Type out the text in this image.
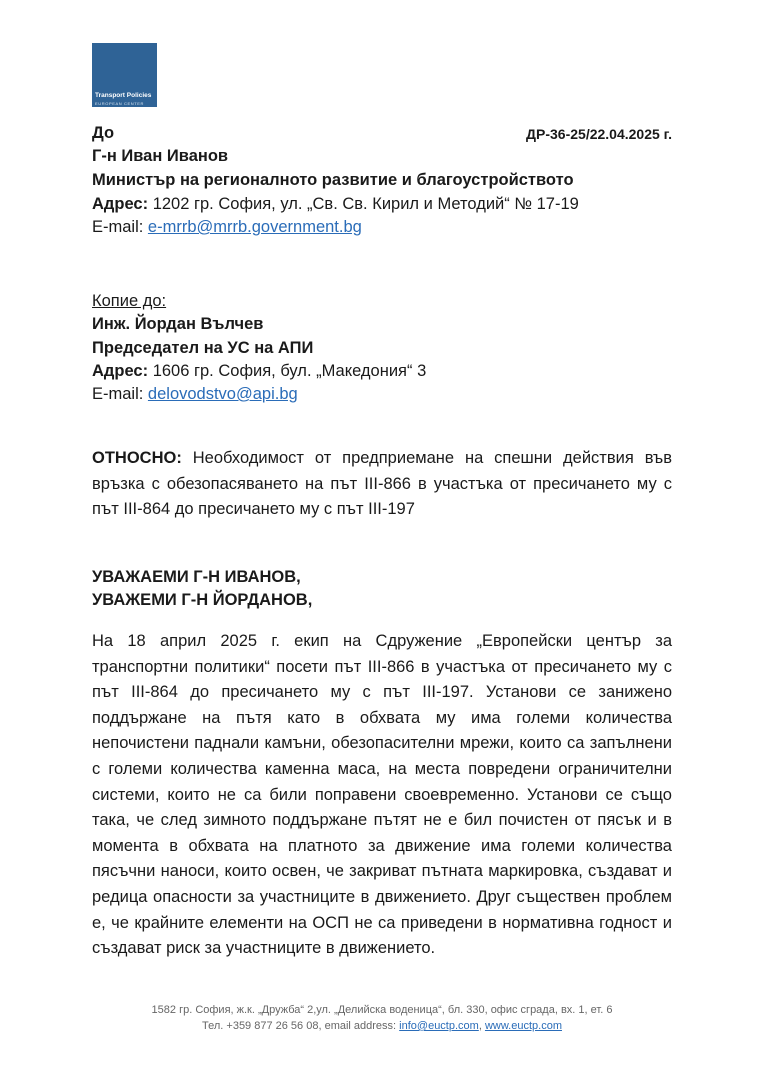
Transport Policies
EUROPEAN CENTER
До	ДР-36-25/22.04.2025 г.
Г-н Иван Иванов
Министър на регионалното развитие и благоустройството
Адрес: 1202 гр. София, ул. „Св. Св. Кирил и Методий“ № 17-19
E-mail: e-mrrb@mrrb.government.bg
Копие до:
Инж. Йордан Вълчев
Председател на УС на АПИ
Адрес: 1606 гр. София, бул. „Македония“ 3
E-mail: delovodstvo@api.bg
ОТНОСНО: Необходимост от предприемане на спешни действия във връзка с обезопасяването на път III-866 в участъка от пресичането му с път III-864 до пресичането му с път III-197
УВАЖАЕМИ Г-Н ИВАНОВ,
УВАЖЕМИ Г-Н ЙОРДАНОВ,
На 18 април 2025 г. екип на Сдружение „Европейски център за транспортни политики“ посети път III-866 в участъка от пресичането му с път III-864 до пресичането му с път III-197. Установи се занижено поддържане на пътя като в обхвата му има големи количества непочистени паднали камъни, обезопасителни мрежи, които са запълнени с големи количества каменна маса, на места повредени ограничителни системи, които не са били поправени своевременно. Установи се също така, че след зимното поддържане пътят не е бил почистен от пясък и в момента в обхвата на платното за движение има големи количества пясъчни наноси, които освен, че закриват пътната маркировка, създават и редица опасности за участниците в движението. Друг съществен проблем е, че крайните елементи на ОСП не са приведени в нормативна годност и създават риск за участниците в движението.
1582 гр. София, ж.к. „Дружба“ 2,ул. „Делийска воденица“, бл. 330, офис сграда, вх. 1, ет. 6
Тел. +359 877 26 56 08, email address: info@euctp.com, www.euctp.com
